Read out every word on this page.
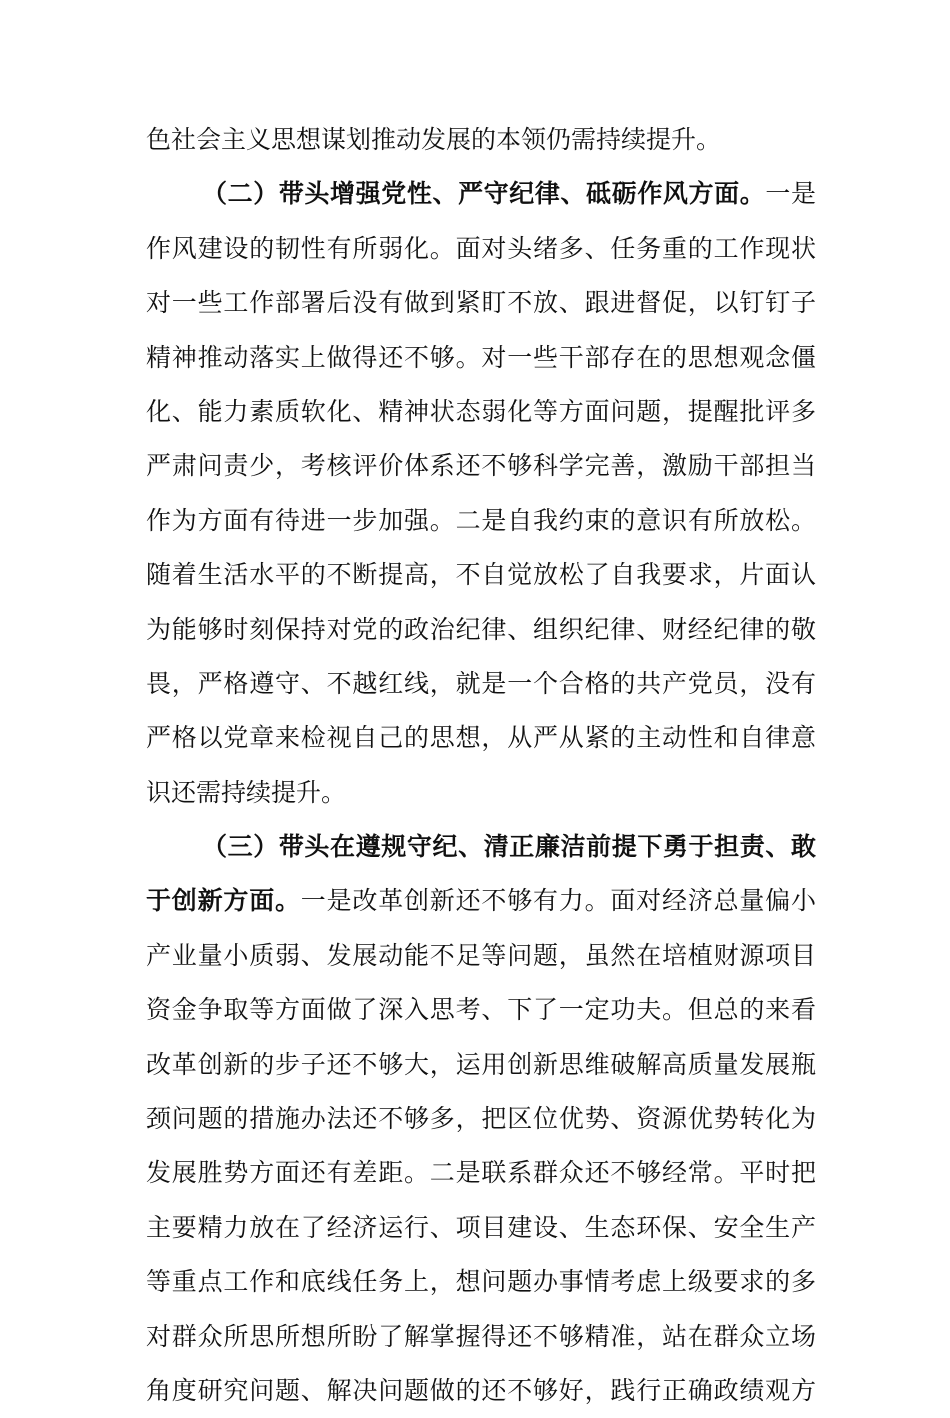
色社会主义思想谋划推动发展的本领仍需持续提升。
（二）带头增强党性、严守纪律、砥砺作风方面。一是
作风建设的韧性有所弱化。面对头绪多、任务重的工作现状
对一些工作部署后没有做到紧盯不放、跟进督促，以钉钉子
精神推动落实上做得还不够。对一些干部存在的思想观念僵
化、能力素质软化、精神状态弱化等方面问题，提醒批评多
严肃问责少，考核评价体系还不够科学完善，激励干部担当
作为方面有待进一步加强。二是自我约束的意识有所放松。
随着生活水平的不断提高，不自觉放松了自我要求，片面认
为能够时刻保持对党的政治纪律、组织纪律、财经纪律的敬
畏，严格遵守、不越红线，就是一个合格的共产党员，没有
严格以党章来检视自己的思想，从严从紧的主动性和自律意
识还需持续提升。
（三）带头在遵规守纪、清正廉洁前提下勇于担责、敢
于创新方面。一是改革创新还不够有力。面对经济总量偏小
产业量小质弱、发展动能不足等问题，虽然在培植财源项目
资金争取等方面做了深入思考、下了一定功夫。但总的来看
改革创新的步子还不够大，运用创新思维破解高质量发展瓶
颈问题的措施办法还不够多，把区位优势、资源优势转化为
发展胜势方面还有差距。二是联系群众还不够经常。平时把
主要精力放在了经济运行、项目建设、生态环保、安全生产
等重点工作和底线任务上，想问题办事情考虑上级要求的多
对群众所思所想所盼了解掌握得还不够精准，站在群众立场
角度研究问题、解决问题做的还不够好，践行正确政绩观方
